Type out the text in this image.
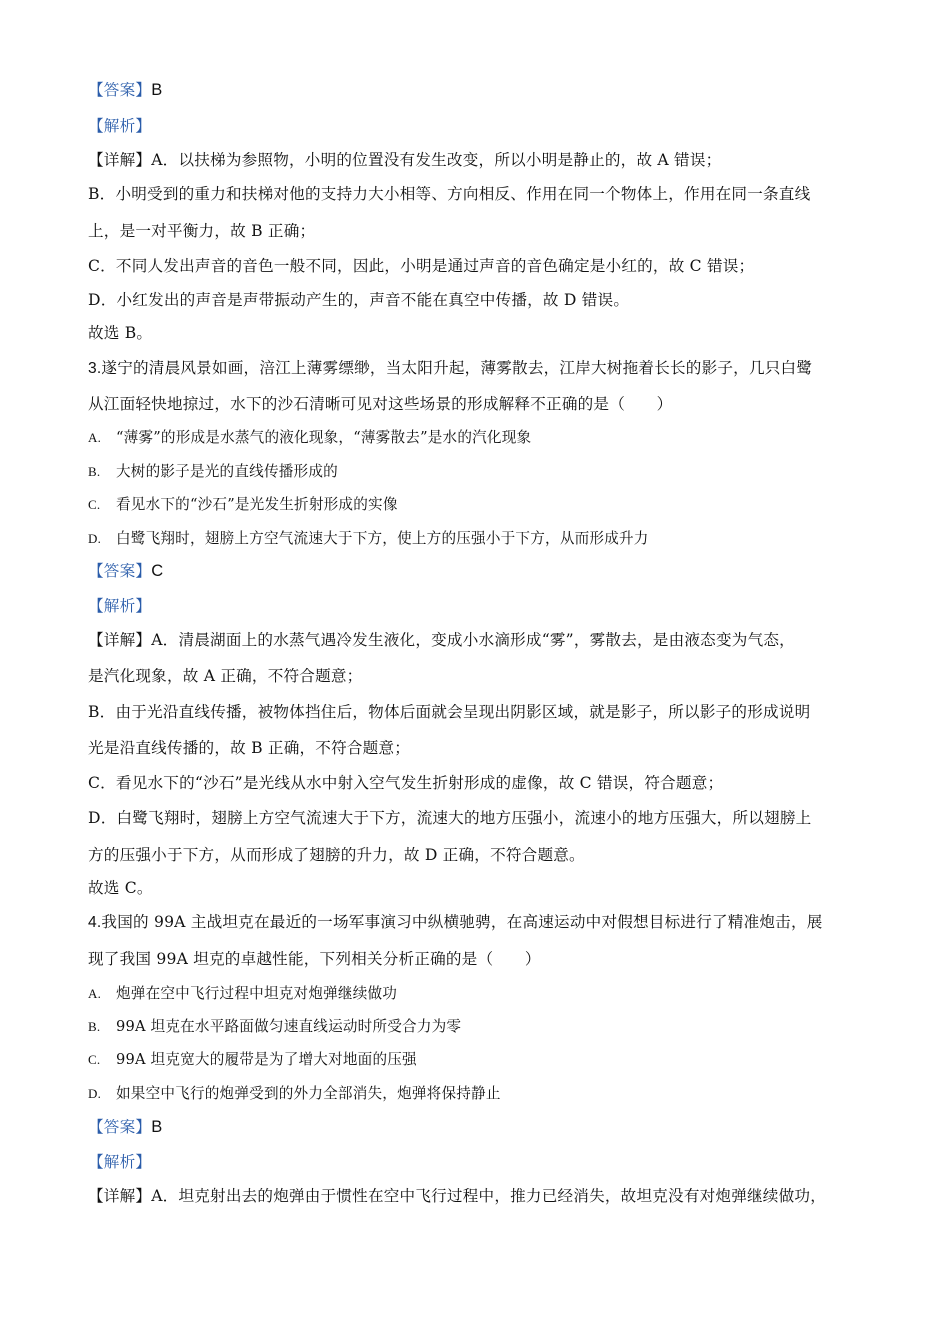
【答案】B
【解析】
【详解】A．以扶梯为参照物，小明的位置没有发生改变，所以小明是静止的，故 A 错误；
B．小明受到的重力和扶梯对他的支持力大小相等、方向相反、作用在同一个物体上，作用在同一条直线
上，是一对平衡力，故 B 正确；
C．不同人发出声音的音色一般不同，因此，小明是通过声音的音色确定是小红的，故 C 错误；
D．小红发出的声音是声带振动产生的，声音不能在真空中传播，故 D 错误。
故选 B。
3.遂宁的清晨风景如画，涪江上薄雾缥缈，当太阳升起，薄雾散去，江岸大树拖着长长的影子，几只白鹭
从江面轻快地掠过，水下的沙石清晰可见对这些场景的形成解释不正确的是（　　）
A. “薄雾”的形成是水蒸气的液化现象，“薄雾散去”是水的汽化现象
B. 大树的影子是光的直线传播形成的
C. 看见水下的“沙石”是光发生折射形成的实像
D. 白鹭飞翔时，翅膀上方空气流速大于下方，使上方的压强小于下方，从而形成升力
【答案】C
【解析】
【详解】A．清晨湖面上的水蒸气遇冷发生液化，变成小水滴形成“雾”，雾散去，是由液态变为气态，
是汽化现象，故 A 正确，不符合题意；
B．由于光沿直线传播，被物体挡住后，物体后面就会呈现出阴影区域，就是影子，所以影子的形成说明
光是沿直线传播的，故 B 正确，不符合题意；
C．看见水下的“沙石”是光线从水中射入空气发生折射形成的虚像，故 C 错误，符合题意；
D．白鹭飞翔时，翅膀上方空气流速大于下方，流速大的地方压强小，流速小的地方压强大，所以翅膀上
方的压强小于下方，从而形成了翅膀的升力，故 D 正确，不符合题意。
故选 C。
4.我国的 99A 主战坦克在最近的一场军事演习中纵横驰骋，在高速运动中对假想目标进行了精准炮击，展
现了我国 99A 坦克的卓越性能，下列相关分析正确的是（　　）
A. 炮弹在空中飞行过程中坦克对炮弹继续做功
B. 99A 坦克在水平路面做匀速直线运动时所受合力为零
C. 99A 坦克宽大的履带是为了增大对地面的压强
D. 如果空中飞行的炮弹受到的外力全部消失，炮弹将保持静止
【答案】B
【解析】
【详解】A．坦克射出去的炮弹由于惯性在空中飞行过程中，推力已经消失，故坦克没有对炮弹继续做功，
